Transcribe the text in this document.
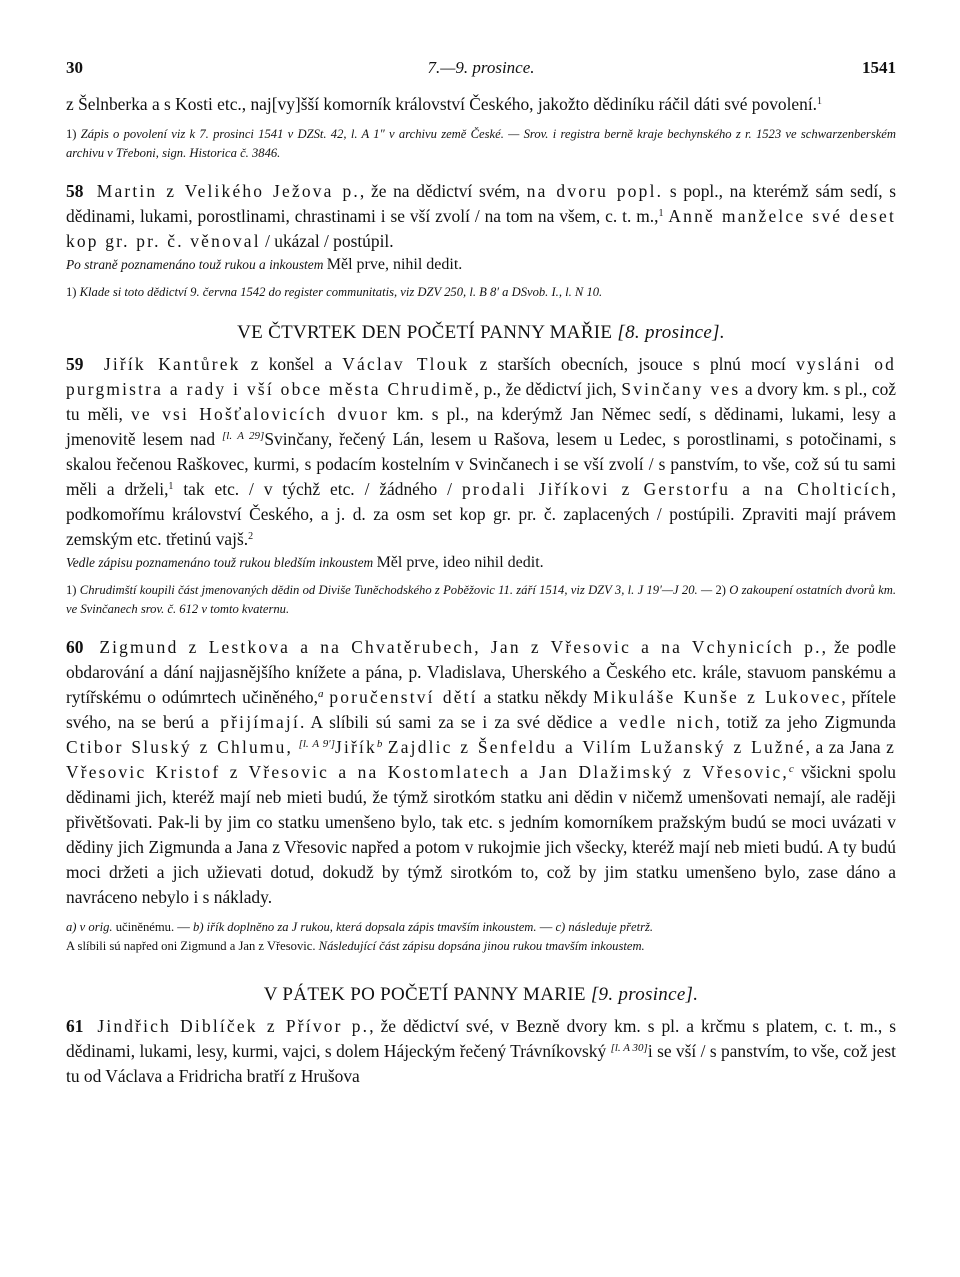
30	7.—9. prosince.	1541

z Šelnberka a s Kosti etc., naj[vy]šší komorník království Českého, jakožto dědiníku ráčil dáti své povolení.$^1$

1) Zápis o povolení viz k 7. prosinci 1541 v DZSt. 42, l. A 1″ v archivu země České. — Srov. i registra berně kraje bechynského z r. 1523 ve schwarzenberském archivu v Třeboni, sign. Historica č. 3846.

58 Martin z Velikého Ježova p., že na dědictví svém, na dvoru popl. s popl., na kterémž sám sedí, s dědinami, lukami, porostlinami, chrastinami i se vší zvolí / na tom na všem, c. t. m.,$^1$ Anně manželce své deset kop gr. pr. č. věnoval / ukázal / postúpil.

Po straně poznamenáno touž rukou a inkoustem Měl prve, nihil dedit.

1) Klade si toto dědictví 9. června 1542 do register communitatis, viz DZV 250, l. B 8′ a DSvob. I., l. N 10.

VE ČTVRTEK DEN POČETÍ PANNY MAŘIE [8. prosince].

59 Jiřík Kantůrek z konšel a Václav Tlouk z starších obecních, jsouce s plnú mocí vysláni od purgmistra a rady i vší obce města Chrudimě, p., že dědictví jich, Svinčany ves a dvory km. s pl., což tu měli, ve vsi Hošťalovicích dvuor km. s pl., na kderýmž Jan Němec sedí, s dědinami, lukami, lesy a jmenovitě lesem nad [l. A 29]Svinčany, řečený Lán, lesem u Rašova, lesem u Ledec, s porostlinami, s potočinami, s skalou řečenou Raškovec, kurmi, s podacím kostelním v Svinčanech i se vší zvolí / s panstvím, to vše, což sú tu sami měli a drželi,$^1$ tak etc. / v týchž etc. / žádného / prodali Jiříkovi z Gerstorfu a na Cholticích, podkomořímu království Českého, a j. d. za osm set kop gr. pr. č. zaplacených / postúpili. Zpraviti mají právem zemským etc. třetinú vajš.$^2$

Vedle zápisu poznamenáno touž rukou bledším inkoustem Měl prve, ideo nihil dedit.

1) Chrudimští koupili část jmenovaných dědin od Diviše Tuněchodského z Poběžovic 11. září 1514, viz DZV 3, l. J 19′—J 20. — 2) O zakoupení ostatních dvorů km. ve Svinčanech srov. č. 612 v tomto kvaternu.

60 Zigmund z Lestkova a na Chvatěrubech, Jan z Vřesovic a na Vchynicích p., že podle obdarování a dání najjasnějšího knížete a pána, p. Vladislava, Uherského a Českého etc. krále, stavuom panskému a rytířskému o odúmrtech učiněného,$^a$ poručenství dětí a statku někdy Mikuláše Kunše z Lukovec, přítele svého, na se berú a přijímají. A slíbili sú sami za se i za své dědice a vedle nich, totiž za jeho Zigmunda Ctibor Sluský z Chlumu, [l. A 9′]Jiřík$^b$ Zajdlic z Šenfeldu a Vilím Lužanský z Lužné, a za Jana z Vřesovic Kristof z Vřesovic a na Kostomlatech a Jan Dlažimský z Vřesovic,$^c$ všickni spolu dědinami jich, kteréž mají neb mieti budú, že týmž sirotkóm statku ani dědin v ničemž umenšovati nemají, ale raději přivětšovati. Pak-li by jim co statku umenšeno bylo, tak etc. s jedním komorníkem pražským budú se moci uvázati v dědiny jich Zigmunda a Jana z Vřesovic napřed a potom v rukojmie jich všecky, kteréž mají neb mieti budú. A ty budú moci držeti a jich užievati dotud, dokudž by týmž sirotkóm to, což by jim statku umenšeno bylo, zase dáno a navráceno nebylo i s náklady.

a) v orig. učiněnému. — b) iřík doplněno za J rukou, která dopsala zápis tmavším inkoustem. — c) následuje přetrž.
A slíbili sú napřed oni Zigmund a Jan z Vřesovic. Následující část zápisu dopsána jinou rukou tmavším inkoustem.

V PÁTEK PO POČETÍ PANNY MARIE [9. prosince].

61 Jindřich Diblíček z Přívor p., že dědictví své, v Bezně dvory km. s pl. a krčmu s platem, c. t. m., s dědinami, lukami, lesy, kurmi, vajci, s dolem Hájeckým řečený Trávníkovský [l. A 30]i se vší / s panstvím, to vše, což jest tu od Václava a Fridricha bratří z Hrušova
